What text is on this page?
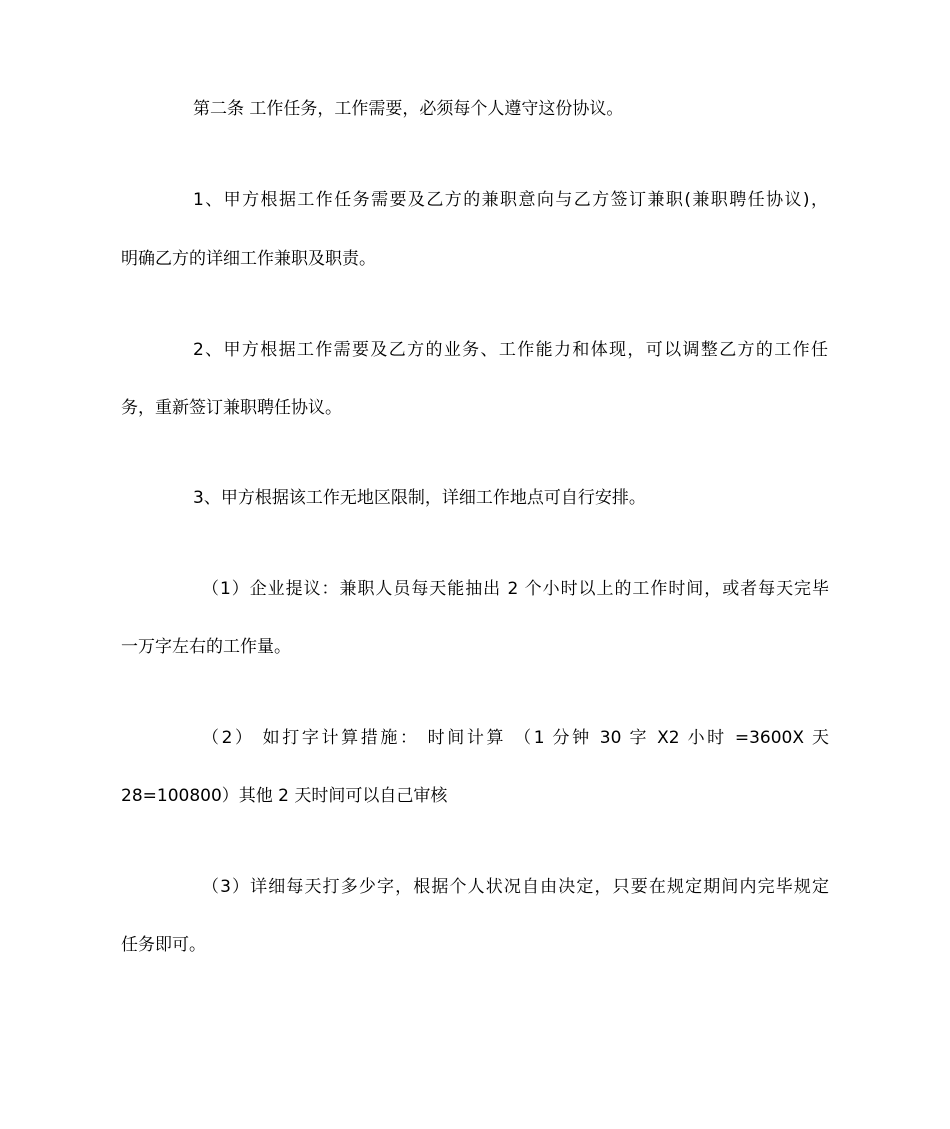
第二条 工作任务，工作需要，必须每个人遵守这份协议。
1、甲方根据工作任务需要及乙方的兼职意向与乙方签订兼职(兼职聘任协议)，
明确乙方的详细工作兼职及职责。
2、甲方根据工作需要及乙方的业务、工作能力和体现，可以调整乙方的工作任
务，重新签订兼职聘任协议。
3、甲方根据该工作无地区限制，详细工作地点可自行安排。
（1）企业提议：兼职人员每天能抽出 2 个小时以上的工作时间，或者每天完毕
一万字左右的工作量。
（2） 如打字计算措施： 时间计算 （1 分钟 30 字 X2 小时 =3600X 天
28=100800）其他 2 天时间可以自己审核
（3）详细每天打多少字，根据个人状况自由决定，只要在规定期间内完毕规定
任务即可。
